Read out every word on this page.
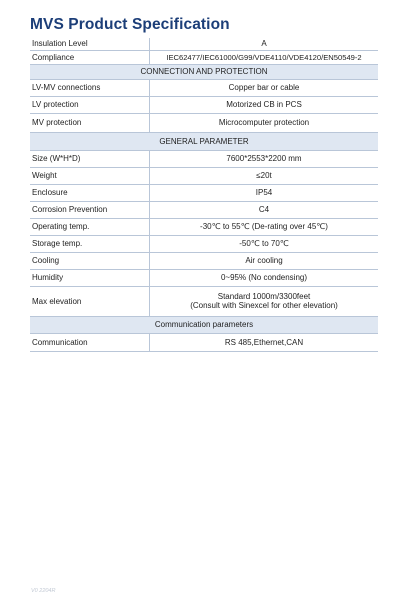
MVS Product Specification
Insulation Level	A
Compliance	IEC62477/IEC61000/G99/VDE4110/VDE4120/EN50549-2
CONNECTION AND PROTECTION	
LV-MV connections	Copper bar or cable
LV protection	Motorized CB in PCS
MV protection	Microcomputer protection
GENERAL PARAMETER	
Size (W*H*D)	7600*2553*2200 mm
Weight	≤20t
Enclosure	IP54
Corrosion Prevention	C4
Operating temp.	-30℃ to 55℃ (De-rating over 45℃)
Storage temp.	-50℃ to 70℃
Cooling	Air cooling
Humidity	0~95% (No condensing)
Max elevation	Standard 1000m/3300feet
(Consult with Sinexcel for other elevation)

Communication parameters	
Communication	RS 485,Ethernet,CAN
V0 2204R
